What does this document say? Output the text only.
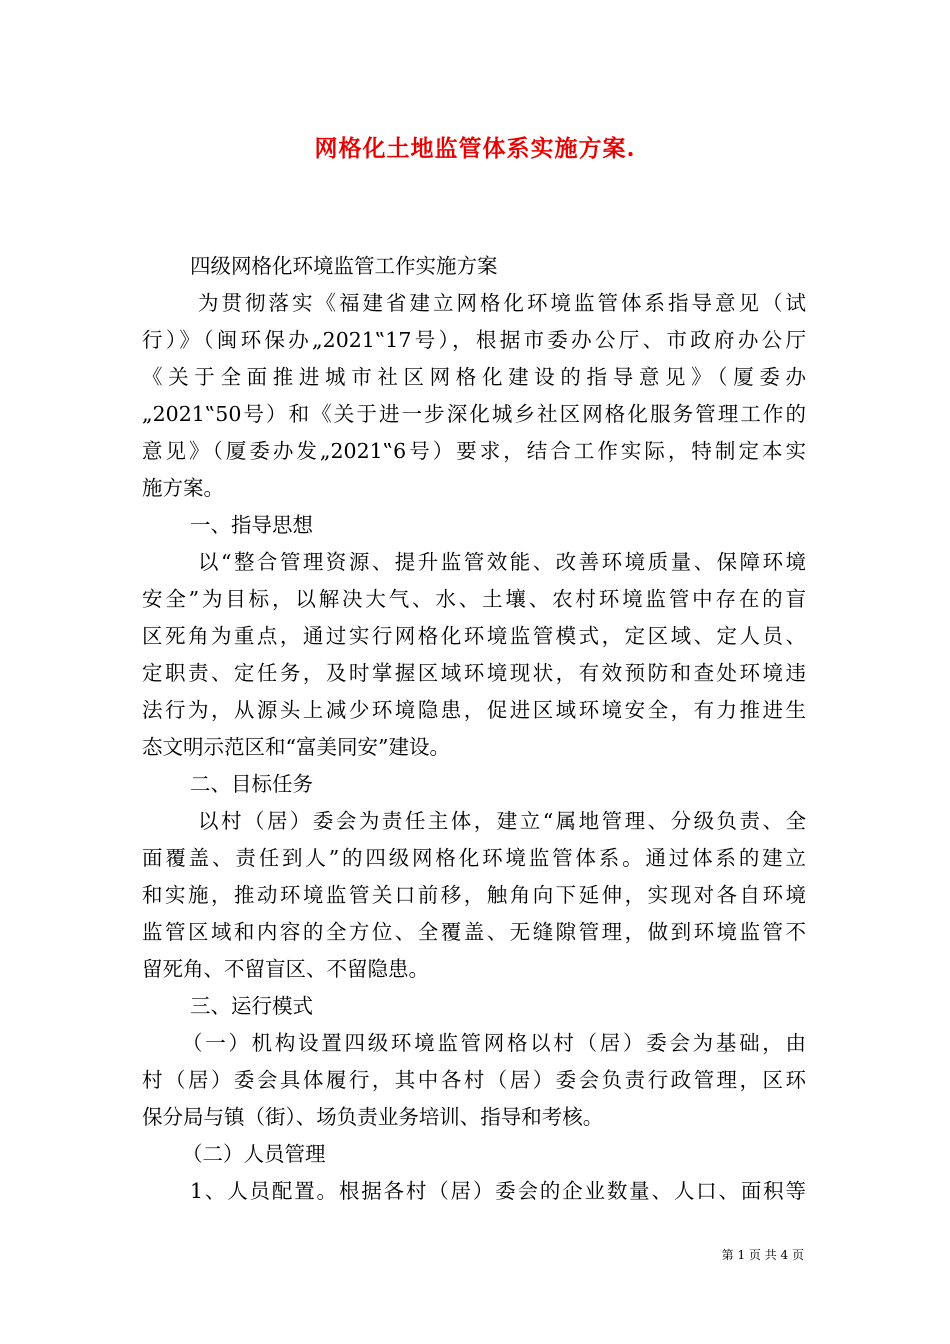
网格化土地监管体系实施方案.
四级网格化环境监管工作实施方案
为贯彻落实《福建省建立网格化环境监管体系指导意见（试
行）》（闽环保办„2021‟17号），根据市委办公厅、市政府办公厅
《关于全面推进城市社区网格化建设的指导意见》（厦委办
„2021‟50号）和《关于进一步深化城乡社区网格化服务管理工作的
意见》（厦委办发„2021‟6号）要求，结合工作实际，特制定本实
施方案。
一、指导思想
以“整合管理资源、提升监管效能、改善环境质量、保障环境
安全”为目标，以解决大气、水、土壤、农村环境监管中存在的盲
区死角为重点，通过实行网格化环境监管模式，定区域、定人员、
定职责、定任务，及时掌握区域环境现状，有效预防和查处环境违
法行为，从源头上减少环境隐患，促进区域环境安全，有力推进生
态文明示范区和“富美同安”建设。
二、目标任务
以村（居）委会为责任主体，建立“属地管理、分级负责、全
面覆盖、责任到人”的四级网格化环境监管体系。通过体系的建立
和实施，推动环境监管关口前移，触角向下延伸，实现对各自环境
监管区域和内容的全方位、全覆盖、无缝隙管理，做到环境监管不
留死角、不留盲区、不留隐患。
三、运行模式
（一）机构设置四级环境监管网格以村（居）委会为基础，由
村（居）委会具体履行，其中各村（居）委会负责行政管理，区环
保分局与镇（街）、场负责业务培训、指导和考核。
（二）人员管理
1、人员配置。根据各村（居）委会的企业数量、人口、面积等
第 1 页 共 4 页
